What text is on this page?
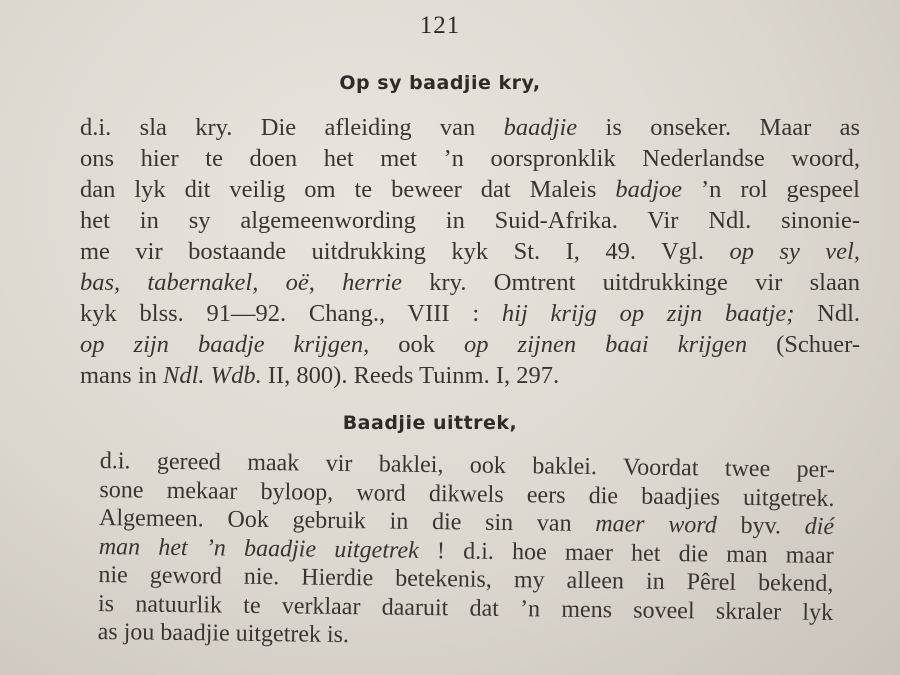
121
Op sy baadjie kry,
d.i. sla kry. Die afleiding van baadjie is onseker. Maar as
ons hier te doen het met ’n oorspronklik Nederlandse woord,
dan lyk dit veilig om te beweer dat Maleis badjoe ’n rol gespeel
het in sy algemeenwording in Suid-Afrika. Vir Ndl. sinonie-
me vir bostaande uitdrukking kyk St. I, 49. Vgl. op sy vel,
bas, tabernakel, oë, herrie kry. Omtrent uitdrukkinge vir slaan
kyk blss. 91—92. Chang., VIII : hij krijg op zijn baatje; Ndl.
op zijn baadje krijgen, ook op zijnen baai krijgen (Schuer-
mans in Ndl. Wdb. II, 800). Reeds Tuinm. I, 297.
Baadjie uittrek,
d.i. gereed maak vir baklei, ook baklei. Voordat twee per-
sone mekaar byloop, word dikwels eers die baadjies uitgetrek.
Algemeen. Ook gebruik in die sin van maer word byv. dié
man het ’n baadjie uitgetrek ! d.i. hoe maer het die man maar
nie geword nie. Hierdie betekenis, my alleen in Pêrel bekend,
is natuurlik te verklaar daaruit dat ’n mens soveel skraler lyk
as jou baadjie uitgetrek is.
